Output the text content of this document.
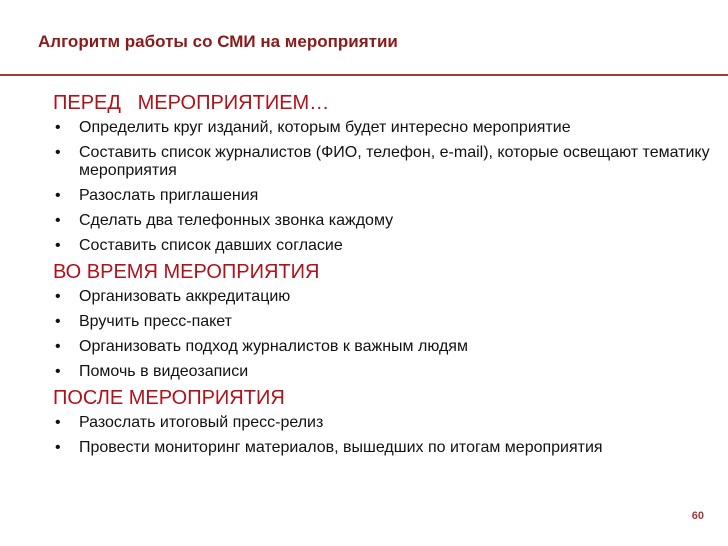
Алгоритм работы со СМИ на мероприятии
ПЕРЕД   МЕРОПРИЯТИЕМ…
• Определить круг изданий, которым будет интересно мероприятие
• Составить список журналистов (ФИО, телефон, e-mail), которые освещают тематику мероприятия
• Разослать приглашения
• Сделать два телефонных звонка каждому
• Составить список давших согласие
ВО ВРЕМЯ МЕРОПРИЯТИЯ
• Организовать аккредитацию
• Вручить пресс-пакет
• Организовать подход журналистов к важным людям
• Помочь в видеозаписи
ПОСЛЕ МЕРОПРИЯТИЯ
• Разослать итоговый пресс-релиз
• Провести мониторинг материалов, вышедших по итогам мероприятия
60
